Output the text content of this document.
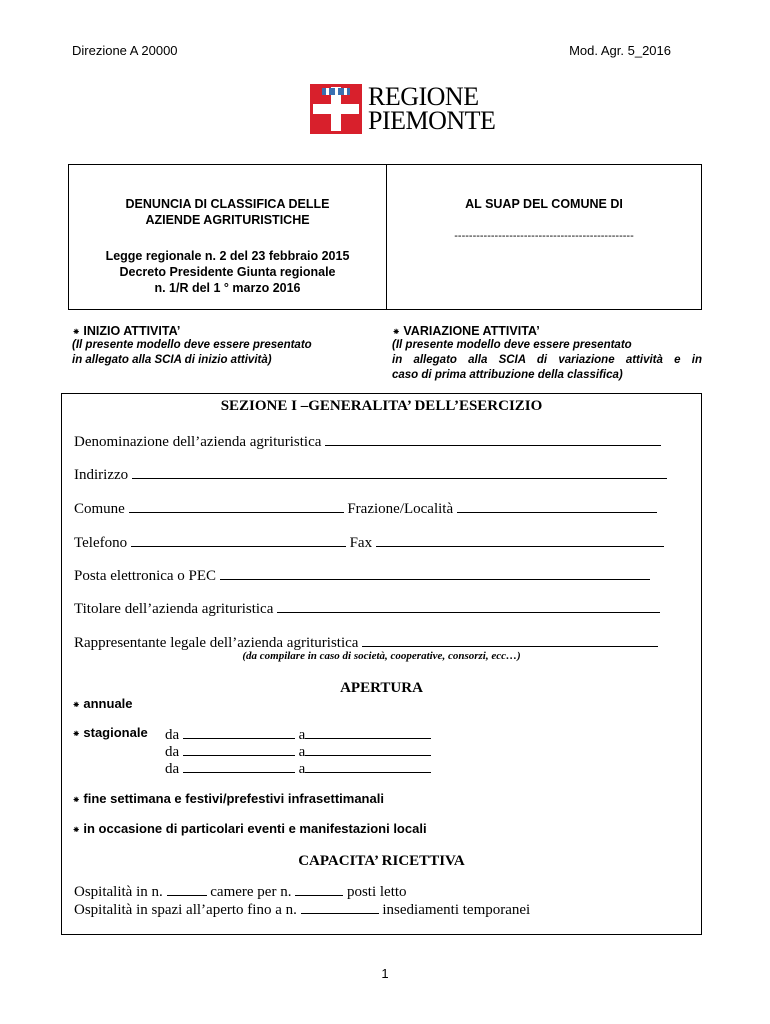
Direzione A 20000	Mod. Agr. 5_2016
REGIONE
PIEMONTE
DENUNCIA DI CLASSIFICA DELLE
AZIENDE AGRITURISTICHE
Legge regionale n. 2 del 23 febbraio 2015
Decreto Presidente Giunta regionale
n. 1/R del 1 ° marzo 2016
AL SUAP DEL COMUNE DI
-------------------------------------------------
⁕ INIZIO ATTIVITA’
(Il presente modello deve essere presentato
in allegato alla SCIA di inizio attività)
⁕ VARIAZIONE ATTIVITA’
(Il presente modello deve essere presentato
in allegato alla SCIA di variazione attività e in
caso di prima attribuzione della classifica)
SEZIONE I –GENERALITA’ DELL’ESERCIZIO
Denominazione dell’azienda agrituristica
Indirizzo
Comune	Frazione/Località
Telefono	Fax
Posta elettronica o PEC
Titolare dell’azienda agrituristica
Rappresentante legale dell’azienda agrituristica
(da compilare in caso di società, cooperative, consorzi, ecc…)
APERTURA
⁕ annuale
⁕ stagionale da	a
da	a
da	a
⁕ fine settimana e festivi/prefestivi infrasettimanali
⁕ in occasione di particolari eventi e manifestazioni locali
CAPACITA’ RICETTIVA
Ospitalità in n.	camere per n.	posti letto
Ospitalità in spazi all’aperto fino a n.	insediamenti temporanei
1
